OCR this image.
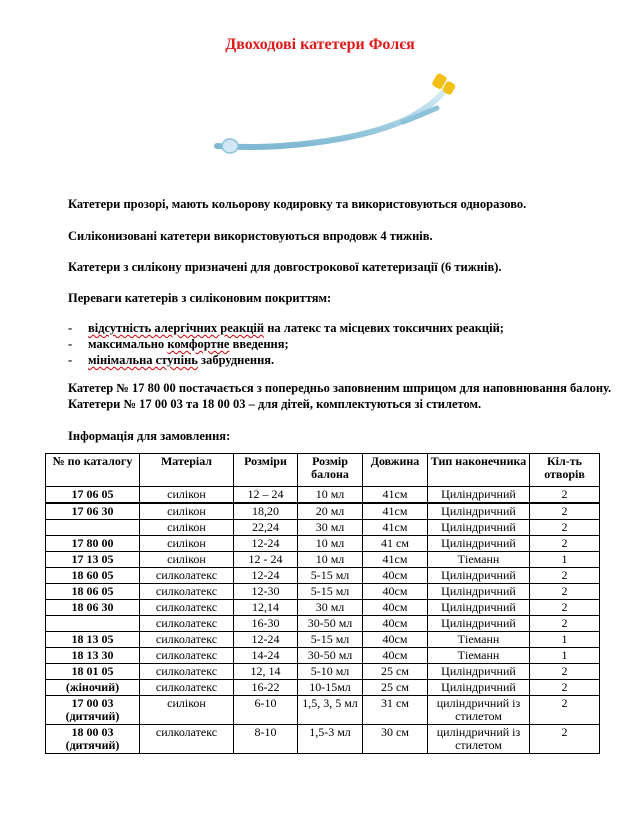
Двоходові катетери Фолєя

Катетери прозорі, мають кольорову кодировку та використовуються одноразово.

Силіконизовані катетери використовуються впродовж 4 тижнів.

Катетери з силікону призначені для довгострокової катетеризації (6 тижнів).

Переваги катетерів з силіконовим покриттям:

- відсутність алергічних реакцій на латекс та місцевих токсичних реакцій;
- максимально комфортне введення;
- мінімальна ступінь забруднення.

Катетер № 17 80 00 постачається з попередньо заповненим шприцом для наповнювання балону. Катетери № 17 00 03 та 18 00 03 – для дітей, комплектуються зі стилетом.

Інформація для замовлення:

№ по каталогу	Матеріал	Розміри	Розмір балона	Довжина	Тип наконечника	Кіл-ть отворів
17 06 05	силікон	12 – 24	10 мл	41см	Циліндричний	2
17 06 30	силікон	18,20	20 мл	41см	Циліндричний	2
	силікон	22,24	30 мл	41см	Циліндричний	2
17 80 00	силікон	12-24	10 мл	41 см	Циліндричний	2
17 13 05	силікон	12 - 24	10 мл	41см	Тіеманн	1
18 60 05	силколатекс	12-24	5-15 мл	40см	Циліндричний	2
18 06 05	силколатекс	12-30	5-15 мл	40см	Циліндричний	2
18 06 30	силколатекс	12,14	30 мл	40см	Циліндричний	2
	силколатекс	16-30	30-50 мл	40см	Циліндричний	2
18 13 05	силколатекс	12-24	5-15 мл	40см	Тіеманн	1
18 13 30	силколатекс	14-24	30-50 мл	40см	Тіеманн	1
18 01 05	силколатекс	12, 14	5-10 мл	25 см	Циліндричний	2
(жіночий)	силколатекс	16-22	10-15мл	25 см	Циліндричний	2
17 00 03 (дитячий)	силікон	6-10	1,5, 3, 5 мл	31 см	циліндричний із стилетом	2
18 00 03 (дитячий)	силколатекс	8-10	1,5-3 мл	30 см	циліндричний із стилетом	2
